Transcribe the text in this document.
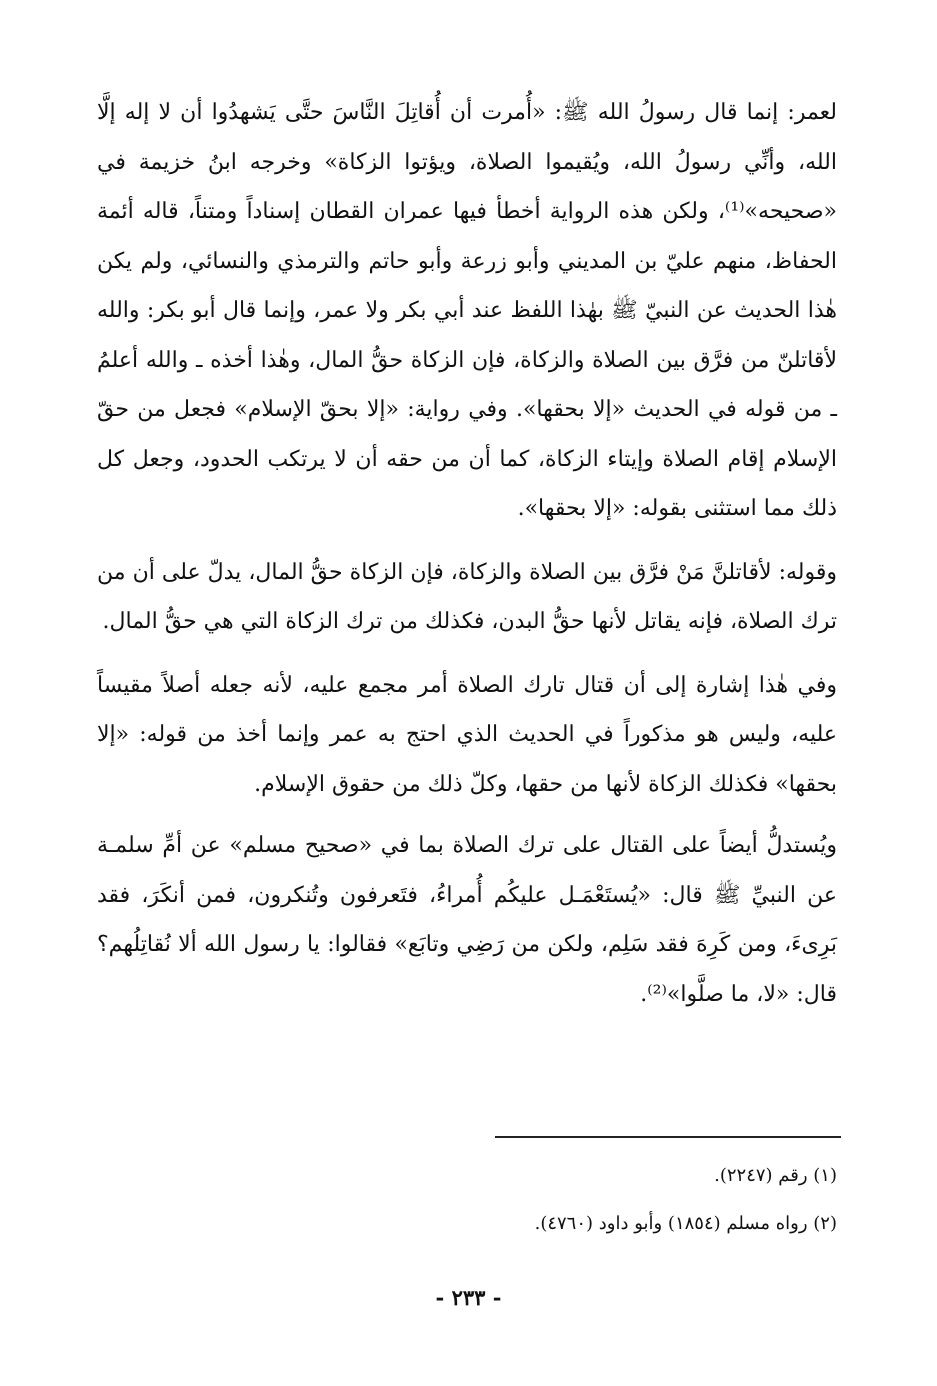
لعمر: إنما قال رسولُ الله ﷺ: «أُمرت أن أُقاتِلَ النَّاسَ حتَّى يَشهدُوا أن لا إله إلَّا الله، وأنِّي رسولُ الله، ويُقيموا الصلاة، ويؤتوا الزكاة» وخرجه ابنُ خزيمة في «صحيحه»⁽¹⁾، ولكن هذه الرواية أخطأ فيها عمران القطان إسناداً ومتناً، قاله أئمة الحفاظ، منهم عليّ بن المديني وأبو زرعة وأبو حاتم والترمذي والنسائي، ولم يكن هٰذا الحديث عن النبيّ ﷺ بهٰذا اللفظ عند أبي بكر ولا عمر، وإنما قال أبو بكر: والله لأقاتلنّ من فرَّق بين الصلاة والزكاة، فإن الزكاة حقُّ المال، وهٰذا أخذه ـ والله أعلمُ ـ من قوله في الحديث «إلا بحقها». وفي رواية: «إلا بحقّ الإسلام» فجعل من حقّ الإسلام إقام الصلاة وإيتاء الزكاة، كما أن من حقه أن لا يرتكب الحدود، وجعل كل ذلك مما استثنى بقوله: «إلا بحقها».

وقوله: لأقاتلنَّ مَنْ فرَّق بين الصلاة والزكاة، فإن الزكاة حقُّ المال، يدلّ على أن من ترك الصلاة، فإنه يقاتل لأنها حقُّ البدن، فكذلك من ترك الزكاة التي هي حقُّ المال.

وفي هٰذا إشارة إلى أن قتال تارك الصلاة أمر مجمع عليه، لأنه جعله أصلاً مقيساً عليه، وليس هو مذكوراً في الحديث الذي احتج به عمر وإنما أخذ من قوله: «إلا بحقها» فكذلك الزكاة لأنها من حقها، وكلّ ذلك من حقوق الإسلام.

ويُستدلُّ أيضاً على القتال على ترك الصلاة بما في «صحيح مسلم» عن أمِّ سلمـة عن النبيِّ ﷺ قال: «يُستَعْمَـل عليكُم أُمراءُ، فتَعرفون وتُنكرون، فمن أنكَرَ، فقد بَرِىءَ، ومن كَرِهَ فقد سَلِم، ولكن من رَضِي وتابَع» فقالوا: يا رسول الله ألا نُقاتِلُهم؟ قال: «لا، ما صلَّوا»⁽²⁾.

(١) رقم (٢٢٤٧).

(٢) رواه مسلم (١٨٥٤) وأبو داود (٤٧٦٠).

- ٢٣٣ -
